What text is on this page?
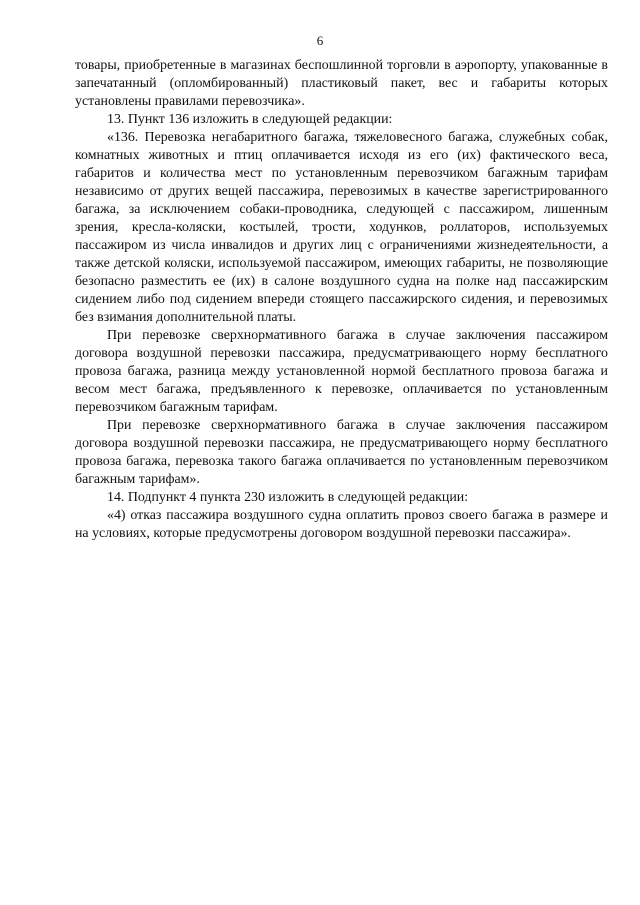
6

товары, приобретенные в магазинах беспошлинной торговли в аэропорту, упакованные в запечатанный (опломбированный) пластиковый пакет, вес и габариты которых установлены правилами перевозчика».

13. Пункт 136 изложить в следующей редакции:

«136. Перевозка негабаритного багажа, тяжеловесного багажа, служебных собак, комнатных животных и птиц оплачивается исходя из его (их) фактического веса, габаритов и количества мест по установленным перевозчиком багажным тарифам независимо от других вещей пассажира, перевозимых в качестве зарегистрированного багажа, за исключением собаки-проводника, следующей с пассажиром, лишенным зрения, кресла-коляски, костылей, трости, ходунков, роллаторов, используемых пассажиром из числа инвалидов и других лиц с ограничениями жизнедеятельности, а также детской коляски, используемой пассажиром, имеющих габариты, не позволяющие безопасно разместить ее (их) в салоне воздушного судна на полке над пассажирским сидением либо под сидением впереди стоящего пассажирского сидения, и перевозимых без взимания дополнительной платы.

При перевозке сверхнормативного багажа в случае заключения пассажиром договора воздушной перевозки пассажира, предусматривающего норму бесплатного провоза багажа, разница между установленной нормой бесплатного провоза багажа и весом мест багажа, предъявленного к перевозке, оплачивается по установленным перевозчиком багажным тарифам.

При перевозке сверхнормативного багажа в случае заключения пассажиром договора воздушной перевозки пассажира, не предусматривающего норму бесплатного провоза багажа, перевозка такого багажа оплачивается по установленным перевозчиком багажным тарифам».

14. Подпункт 4 пункта 230 изложить в следующей редакции:

«4) отказ пассажира воздушного судна оплатить провоз своего багажа в размере и на условиях, которые предусмотрены договором воздушной перевозки пассажира».
